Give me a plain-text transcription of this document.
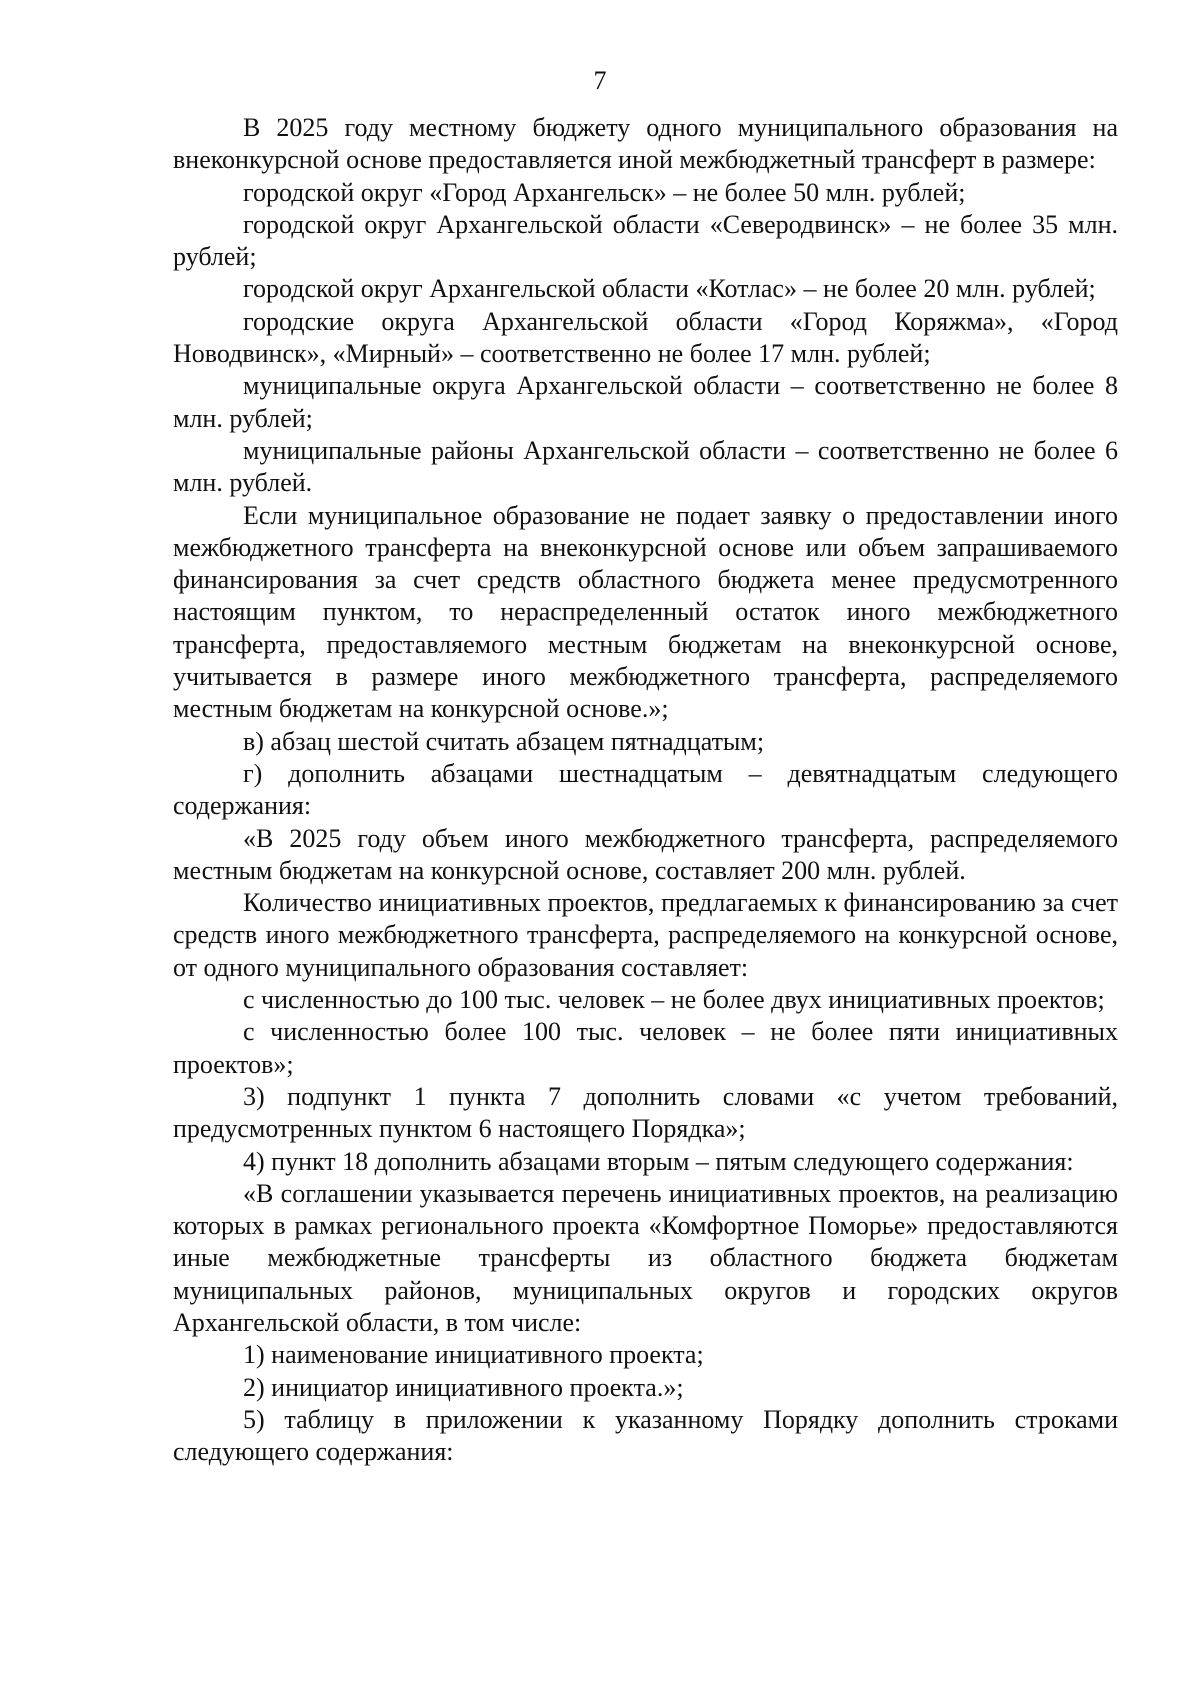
7

В 2025 году местному бюджету одного муниципального образования на внеконкурсной основе предоставляется иной межбюджетный трансферт в размере:

городской округ «Город Архангельск» – не более 50 млн. рублей;

городской округ Архангельской области «Северодвинск» – не более 35 млн. рублей;

городской округ Архангельской области «Котлас» – не более 20 млн. рублей;

городские округа Архангельской области «Город Коряжма», «Город Новодвинск», «Мирный» – соответственно не более 17 млн. рублей;

муниципальные округа Архангельской области – соответственно не более 8 млн. рублей;

муниципальные районы Архангельской области – соответственно не более 6 млн. рублей.

Если муниципальное образование не подает заявку о предоставлении иного межбюджетного трансферта на внеконкурсной основе или объем запрашиваемого финансирования за счет средств областного бюджета менее предусмотренного настоящим пунктом, то нераспределенный остаток иного межбюджетного трансферта, предоставляемого местным бюджетам на внеконкурсной основе, учитывается в размере иного межбюджетного трансферта, распределяемого местным бюджетам на конкурсной основе.»;

в) абзац шестой считать абзацем пятнадцатым;

г) дополнить абзацами шестнадцатым – девятнадцатым следующего содержания:

«В 2025 году объем иного межбюджетного трансферта, распределяемого местным бюджетам на конкурсной основе, составляет 200 млн. рублей.

Количество инициативных проектов, предлагаемых к финансированию за счет средств иного межбюджетного трансферта, распределяемого на конкурсной основе, от одного муниципального образования составляет:

с численностью до 100 тыс. человек – не более двух инициативных проектов;

с численностью более 100 тыс. человек – не более пяти инициативных проектов»;

3) подпункт 1 пункта 7 дополнить словами «с учетом требований, предусмотренных пунктом 6 настоящего Порядка»;

4) пункт 18 дополнить абзацами вторым – пятым следующего содержания:

«В соглашении указывается перечень инициативных проектов, на реализацию которых в рамках регионального проекта «Комфортное Поморье» предоставляются иные межбюджетные трансферты из областного бюджета бюджетам муниципальных районов, муниципальных округов и городских округов Архангельской области, в том числе:

1) наименование инициативного проекта;

2) инициатор инициативного проекта.»;

5) таблицу в приложении к указанному Порядку дополнить строками следующего содержания:
